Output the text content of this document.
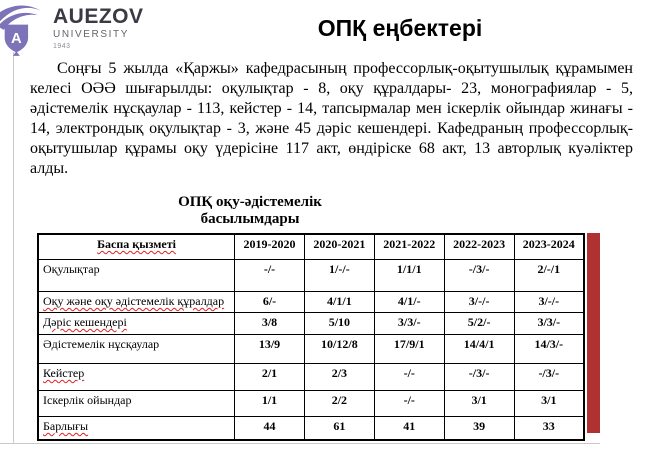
A
AUEZOV
UNIVERSITY
1943
ОПҚ еңбектері
Соңғы 5 жылда «Қаржы» кафедрасының профессорлық-оқытушылық құрамымен келесі ОӘӘ шығарылды: оқулықтар - 8, оқу құралдары- 23, монографиялар - 5, әдістемелік нұсқаулар - 113, кейстер - 14, тапсырмалар мен іскерлік ойындар жинағы - 14, электрондық оқулықтар - 3, және 45 дәріс кешендері. Кафедраның профессорлық-оқытушылар құрамы оқу үдерісіне 117 акт, өндіріске 68 акт, 13 авторлық куәліктер алды.
ОПҚ оқу-әдістемелік
басылымдары
Баспа қызметі	2019-2020	2020-2021	2021-2022	2022-2023	2023-2024
Оқулықтар	-/-	1/-/-	1/1/1	-/3/-	2/-/1
Оқу және оқу әдістемелік құралдар	6/-	4/1/1	4/1/-	3/-/-	3/-/-
Дәріс кешендері	3/8	5/10	3/3/-	5/2/-	3/3/-
Әдістемелік нұсқаулар	13/9	10/12/8	17/9/1	14/4/1	14/3/-
Кейстер	2/1	2/3	-/-	-/3/-	-/3/-
Іскерлік ойындар	1/1	2/2	-/-	3/1	3/1
Барлығы	44	61	41	39	33
